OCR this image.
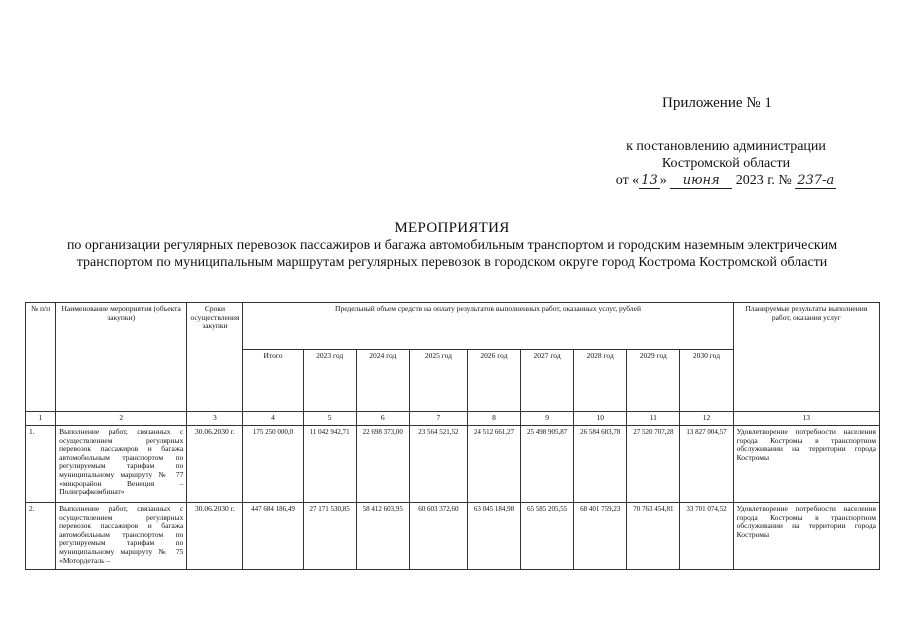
Приложение № 1
к постановлению администрации
Костромской области
от « 13 » июня 2023 г. № 237-а
МЕРОПРИЯТИЯ
по организации регулярных перевозок пассажиров и багажа автомобильным транспортом и городским наземным электрическим транспортом по муниципальным маршрутам регулярных перевозок в городском округе город Кострома Костромской области
№ п/п	Наименование мероприятия (объекта закупки)	Сроки осуществления закупки	Предельный объем средств на оплату результатов выполненных работ, оказанных услуг, рублей									Планируемые результаты выполнения работ, оказания услуг
			Итого	2023 год	2024 год	2025 год	2026 год	2027 год	2028 год	2029 год	2030 год	
1	2	3	4	5	6	7	8	9	10	11	12	13
1.	Выполнение работ, связанных с осуществлением регулярных перевозок пассажиров и багажа автомобильным транспортом по регулируемым тарифам по муниципальному маршруту № 77 «микрорайон Венеция – Полиграфкомбинат»	30.06.2030 г.	175 250 000,0	11 042 942,71	22 698 373,00	23 564 521,52	24 512 661,27	25 498 905,87	26 584 683,78	27 520 707,28	13 827 004,57	Удовлетворение потребности населения города Костромы в транспортном обслуживании на территории города Костромы
2.	Выполнение работ, связанных с осуществлением регулярных перевозок пассажиров и багажа автомобильным транспортом по регулируемым тарифам по муниципальному маршруту № 75 «Мотордеталь –	30.06.2030 г.	447 684 186,49	27 171 530,85	58 412 603,95	60 603 372,60	63 045 184,98	65 585 205,55	68 401 759,23	70 763 454,81	33 701 074,52	Удовлетворение потребности населения города Костромы в транспортном обслуживании на территории города Костромы
